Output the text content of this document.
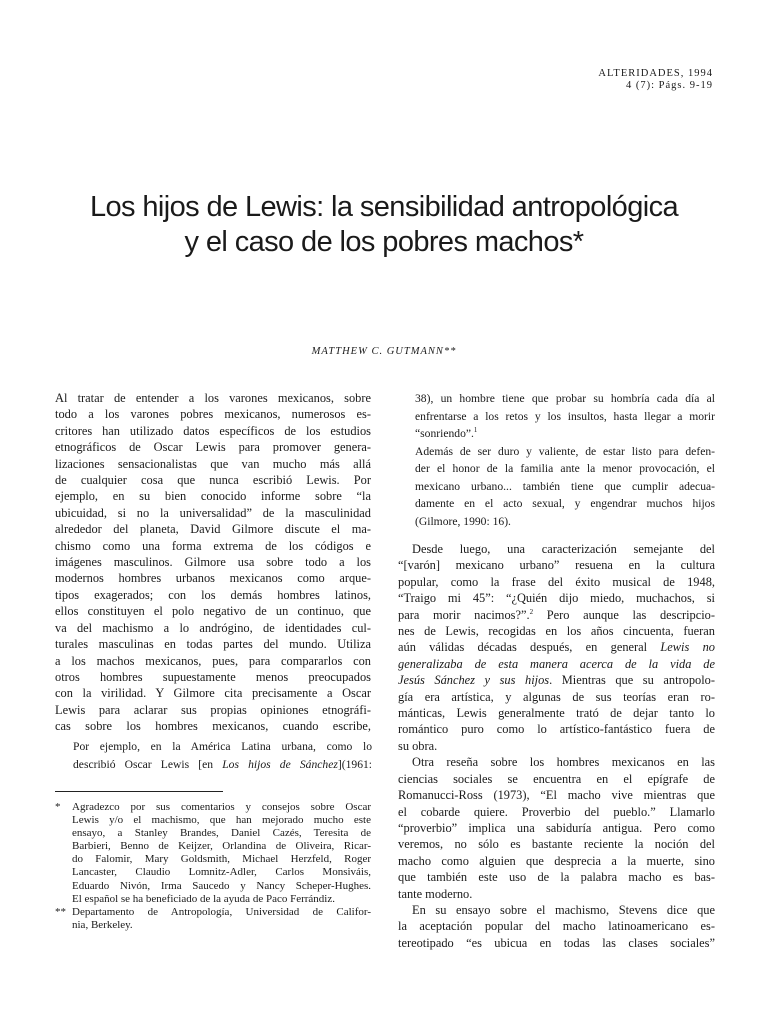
ALTERIDADES, 1994
4 (7): Págs. 9-19
Los hijos de Lewis: la sensibilidad antropológica
y el caso de los pobres machos*
MATTHEW C. GUTMANN**
Al tratar de entender a los varones mexicanos, sobre
todo a los varones pobres mexicanos, numerosos es-
critores han utilizado datos específicos de los estudios
etnográficos de Oscar Lewis para promover genera-
lizaciones sensacionalistas que van mucho más allá
de cualquier cosa que nunca escribió Lewis. Por
ejemplo, en su bien conocido informe sobre “la
ubicuidad, si no la universalidad” de la masculinidad
alrededor del planeta, David Gilmore discute el ma-
chismo como una forma extrema de los códigos e
imágenes masculinos. Gilmore usa sobre todo a los
modernos hombres urbanos mexicanos como arque-
tipos exagerados; con los demás hombres latinos,
ellos constituyen el polo negativo de un continuo, que
va del machismo a lo andrógino, de identidades cul-
turales masculinas en todas partes del mundo. Utiliza
a los machos mexicanos, pues, para compararlos con
otros hombres supuestamente menos preocupados
con la virilidad. Y Gilmore cita precisamente a Oscar
Lewis para aclarar sus propias opiniones etnográfi-
cas sobre los hombres mexicanos, cuando escribe,
Por ejemplo, en la América Latina urbana, como lo
describió Oscar Lewis [en Los hijos de Sánchez](1961:
*	Agradezco por sus comentarios y consejos sobre Oscar
Lewis y/o el machismo, que han mejorado mucho este
ensayo, a Stanley Brandes, Daniel Cazés, Teresita de
Barbieri, Benno de Keijzer, Orlandina de Oliveira, Ricar-
do Falomir, Mary Goldsmith, Michael Herzfeld, Roger
Lancaster, Claudio Lomnitz-Adler, Carlos Monsiváis,
Eduardo Nivón, Irma Saucedo y Nancy Scheper-Hughes.
El español se ha beneficiado de la ayuda de Paco Ferrándiz.
** Departamento de Antropología, Universidad de Califor-
nia, Berkeley.
38), un hombre tiene que probar su hombría cada día al
enfrentarse a los retos y los insultos, hasta llegar a morir
“sonriendo”.$^1$
Además de ser duro y valiente, de estar listo para defen-
der el honor de la familia ante la menor provocación, el
mexicano urbano... también tiene que cumplir adecua-
damente en el acto sexual, y engendrar muchos hijos
(Gilmore, 1990: 16).
Desde luego, una caracterización semejante del
“[varón] mexicano urbano” resuena en la cultura
popular, como la frase del éxito musical de 1948,
“Traigo mi 45”: “¿Quién dijo miedo, muchachos, si
para morir nacimos?”.$^2$ Pero aunque las descripcio-
nes de Lewis, recogidas en los años cincuenta, fueran
aún válidas décadas después, en general Lewis no
generalizaba de esta manera acerca de la vida de
Jesús Sánchez y sus hijos. Mientras que su antropolo-
gía era artística, y algunas de sus teorías eran ro-
mánticas, Lewis generalmente trató de dejar tanto lo
romántico puro como lo artístico-fantástico fuera de
su obra.
Otra reseña sobre los hombres mexicanos en las
ciencias sociales se encuentra en el epígrafe de
Romanucci-Ross (1973), “El macho vive mientras que
el cobarde quiere. Proverbio del pueblo.” Llamarlo
“proverbio” implica una sabiduría antigua. Pero como
veremos, no sólo es bastante reciente la noción del
macho como alguien que desprecia a la muerte, sino
que también este uso de la palabra macho es bas-
tante moderno.
En su ensayo sobre el machismo, Stevens dice que
la aceptación popular del macho latinoamericano es-
tereotipado “es ubicua en todas las clases sociales”
